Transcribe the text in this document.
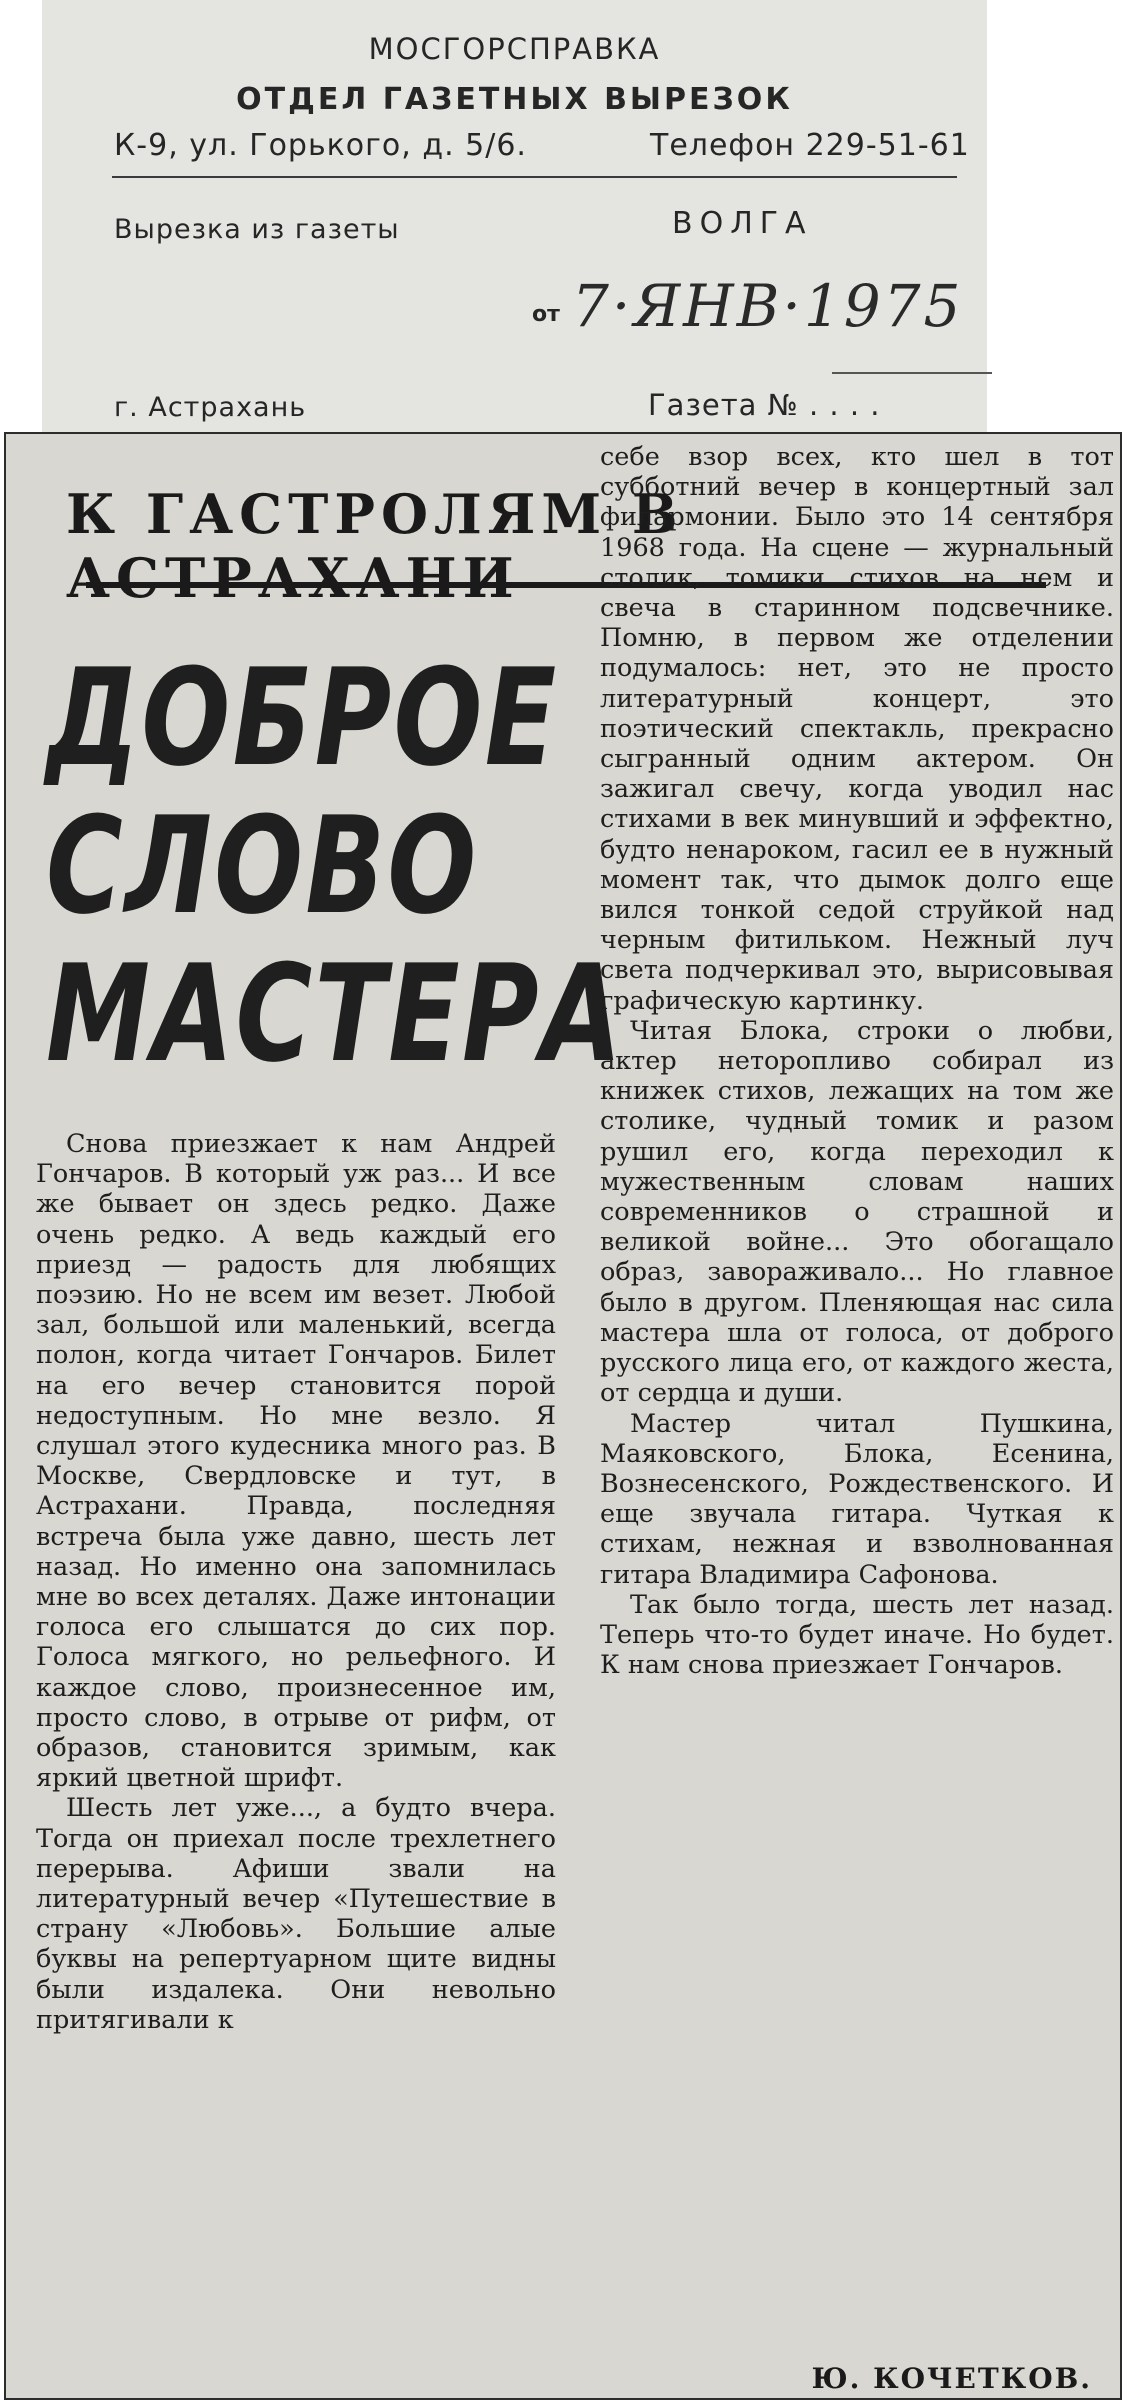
МОСГОРСПРАВКА
ОТДЕЛ ГАЗЕТНЫХ ВЫРЕЗОК
К-9, ул. Горького, д. 5/6.	Телефон 229-51-61
Вырезка из газеты	ВОЛГА
от 7·ЯНВ·1975
г. Астрахань	Газета № . . . .
К ГАСТРОЛЯМ В АСТРАХАНИ
ДОБРОЕ
СЛОВО
МАСТЕРА

Снова приезжает к нам Андрей Гончаров. В который уж раз... И все же бывает он здесь редко. Даже очень редко. А ведь каждый его приезд — радость для любящих поэзию. Но не всем им везет. Любой зал, большой или маленький, всегда полон, когда читает Гончаров. Билет на его вечер становится порой недоступным. Но мне везло. Я слушал этого кудесника много раз. В Москве, Свердловске и тут, в Астрахани. Правда, последняя встреча была уже давно, шесть лет назад. Но именно она запомнилась мне во всех деталях. Даже интонации голоса его слышатся до сих пор. Голоса мягкого, но рельефного. И каждое слово, произнесенное им, просто слово, в отрыве от рифм, от образов, становится зримым, как яркий цветной шрифт.

Шесть лет уже..., а будто вчера. Тогда он приехал после трехлетнего перерыва. Афиши звали на литературный вечер «Путешествие в страну «Любовь». Большие алые буквы на репертуарном щите видны были издалека. Они невольно притягивали к

себе взор всех, кто шел в тот субботний вечер в концертный зал филармонии. Было это 14 сентября 1968 года. На сцене — журнальный столик, томики стихов на нем и свеча в старинном подсвечнике. Помню, в первом же отделении подумалось: нет, это не просто литературный концерт, это поэтический спектакль, прекрасно сыгранный одним актером. Он зажигал свечу, когда уводил нас стихами в век минувший и эффектно, будто ненароком, гасил ее в нужный момент так, что дымок долго еще вился тонкой седой струйкой над черным фитильком. Нежный луч света подчеркивал это, вырисовывая графическую картинку.

Читая Блока, строки о любви, актер неторопливо собирал из книжек стихов, лежащих на том же столике, чудный томик и разом рушил его, когда переходил к мужественным словам наших современников о страшной и великой войне... Это обогащало образ, завораживало... Но главное было в другом. Пленяющая нас сила мастера шла от голоса, от доброго русского лица его, от каждого жеста, от сердца и души.

Мастер читал Пушкина, Маяковского, Блока, Есенина, Вознесенского, Рождественского. И еще звучала гитара. Чуткая к стихам, нежная и взволнованная гитара Владимира Сафонова.

Так было тогда, шесть лет назад. Теперь что-то будет иначе. Но будет. К нам снова приезжает Гончаров.

Ю. КОЧЕТКОВ.
